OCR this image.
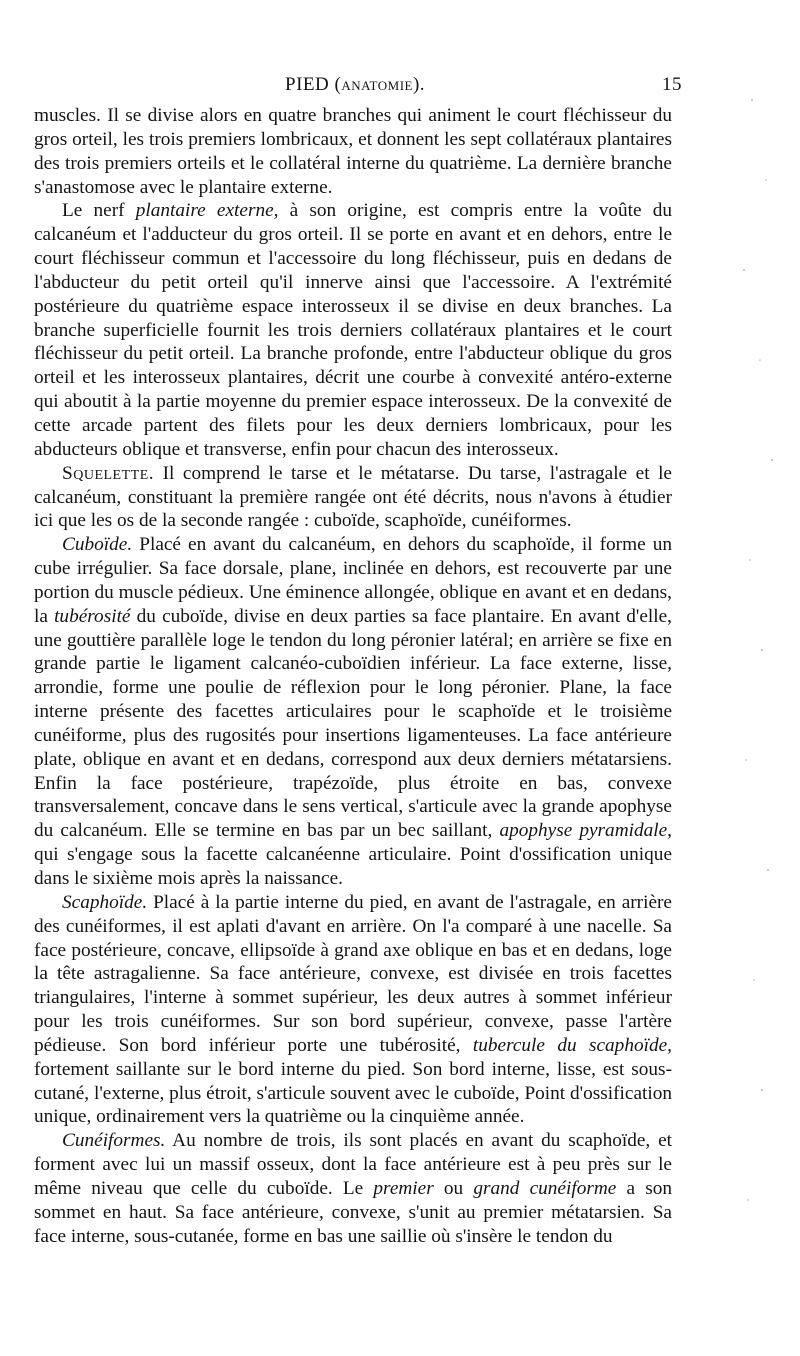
PIED (anatomie).	15

muscles. Il se divise alors en quatre branches qui animent le court fléchisseur du gros orteil, les trois premiers lombricaux, et donnent les sept collatéraux plantaires des trois premiers orteils et le collatéral interne du quatrième. La dernière branche s'anastomose avec le plantaire externe.

Le nerf plantaire externe, à son origine, est compris entre la voûte du calcanéum et l'adducteur du gros orteil. Il se porte en avant et en dehors, entre le court fléchisseur commun et l'accessoire du long fléchisseur, puis en dedans de l'abducteur du petit orteil qu'il innerve ainsi que l'accessoire. A l'extrémité postérieure du quatrième espace interosseux il se divise en deux branches. La branche superficielle fournit les trois derniers collatéraux plantaires et le court fléchisseur du petit orteil. La branche profonde, entre l'abducteur oblique du gros orteil et les interosseux plantaires, décrit une courbe à convexité antéro-externe qui aboutit à la partie moyenne du premier espace interosseux. De la convexité de cette arcade partent des filets pour les deux derniers lombricaux, pour les abducteurs oblique et transverse, enfin pour chacun des interosseux.

Squelette. Il comprend le tarse et le métatarse. Du tarse, l'astragale et le calcanéum, constituant la première rangée ont été décrits, nous n'avons à étudier ici que les os de la seconde rangée : cuboïde, scaphoïde, cunéiformes.

Cuboïde. Placé en avant du calcanéum, en dehors du scaphoïde, il forme un cube irrégulier. Sa face dorsale, plane, inclinée en dehors, est recouverte par une portion du muscle pédieux. Une éminence allongée, oblique en avant et en dedans, la tubérosité du cuboïde, divise en deux parties sa face plantaire. En avant d'elle, une gouttière parallèle loge le tendon du long péronier latéral; en arrière se fixe en grande partie le ligament calcanéo-cuboïdien inférieur. La face externe, lisse, arrondie, forme une poulie de réflexion pour le long péronier. Plane, la face interne présente des facettes articulaires pour le scaphoïde et le troisième cunéiforme, plus des rugosités pour insertions ligamenteuses. La face antérieure plate, oblique en avant et en dedans, correspond aux deux derniers métatarsiens. Enfin la face postérieure, trapézoïde, plus étroite en bas, convexe transversalement, concave dans le sens vertical, s'articule avec la grande apophyse du calcanéum. Elle se termine en bas par un bec saillant, apophyse pyramidale, qui s'engage sous la facette calcanéenne articulaire. Point d'ossification unique dans le sixième mois après la naissance.

Scaphoïde. Placé à la partie interne du pied, en avant de l'astragale, en arrière des cunéiformes, il est aplati d'avant en arrière. On l'a comparé à une nacelle. Sa face postérieure, concave, ellipsoïde à grand axe oblique en bas et en dedans, loge la tête astragalienne. Sa face antérieure, convexe, est divisée en trois facettes triangulaires, l'interne à sommet supérieur, les deux autres à sommet inférieur pour les trois cunéiformes. Sur son bord supérieur, convexe, passe l'artère pédieuse. Son bord inférieur porte une tubérosité, tubercule du scaphoïde, fortement saillante sur le bord interne du pied. Son bord interne, lisse, est sous-cutané, l'externe, plus étroit, s'articule souvent avec le cuboïde, Point d'ossification unique, ordinairement vers la quatrième ou la cinquième année.

Cunéiformes. Au nombre de trois, ils sont placés en avant du scaphoïde, et forment avec lui un massif osseux, dont la face antérieure est à peu près sur le même niveau que celle du cuboïde. Le premier ou grand cunéiforme a son sommet en haut. Sa face antérieure, convexe, s'unit au premier métatarsien. Sa face interne, sous-cutanée, forme en bas une saillie où s'insère le tendon du
